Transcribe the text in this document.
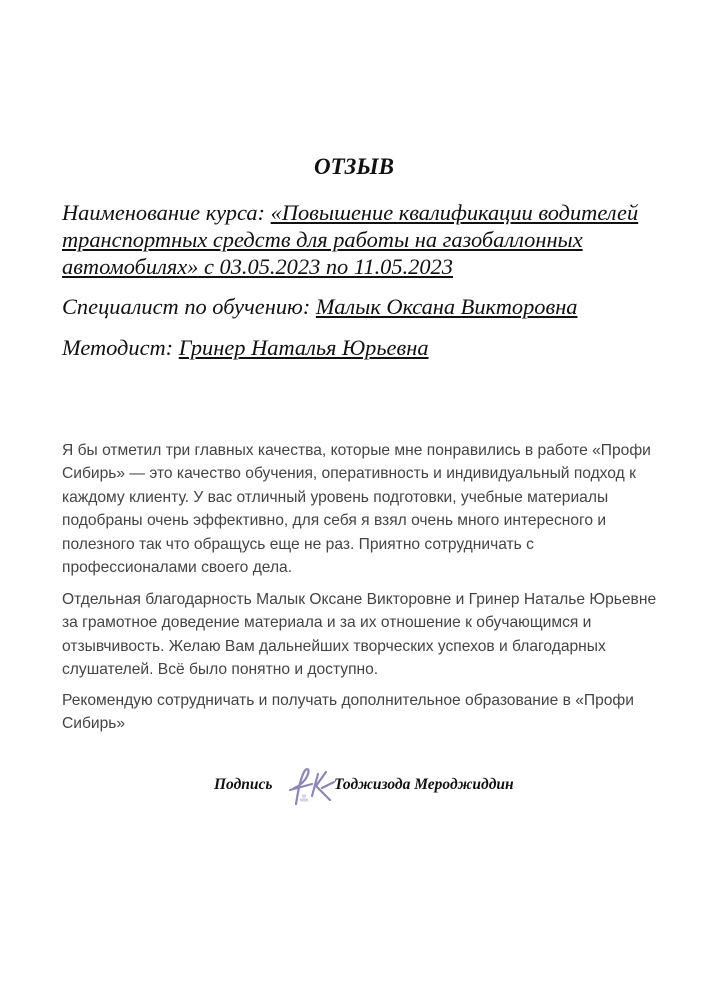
ОТЗЫВ

Наименование курса: «Повышение квалификации водителей транспортных средств для работы на газобаллонных автомобилях» с 03.05.2023 по 11.05.2023

Специалист по обучению: Малык Оксана Викторовна

Методист: Гринер Наталья Юрьевна

Я бы отметил три главных качества, которые мне понравились в работе «Профи Сибирь» — это качество обучения, оперативность и индивидуальный подход к каждому клиенту. У вас отличный уровень подготовки, учебные материалы подобраны очень эффективно, для себя я взял очень много интересного и полезного так что обращусь еще не раз. Приятно сотрудничать с профессионалами своего дела.

Отдельная благодарность Малык Оксане Викторовне и Гринер Наталье Юрьевне за грамотное доведение материала и за их отношение к обучающимся и отзывчивость. Желаю Вам дальнейших творческих успехов и благодарных слушателей. Всё было понятно и доступно.

Рекомендую сотрудничать и получать дополнительное образование в «Профи Сибирь»

Подпись	Тоджизода Мероджиддин
